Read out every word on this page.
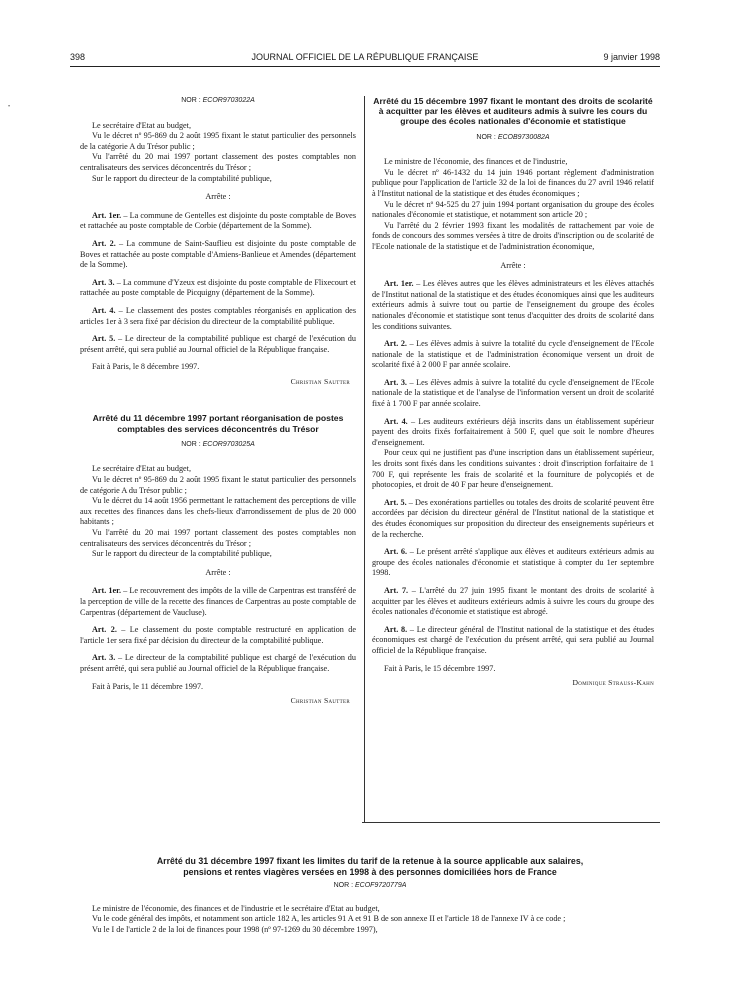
398	JOURNAL OFFICIEL DE LA RÉPUBLIQUE FRANÇAISE	9 janvier 1998
•
NOR : ECOR9703022A

Le secrétaire d'Etat au budget,

Vu le décret nº 95-869 du 2 août 1995 fixant le statut particulier des personnels de la catégorie A du Trésor public ;

Vu l'arrêté du 20 mai 1997 portant classement des postes comptables non centralisateurs des services déconcentrés du Trésor ;

Sur le rapport du directeur de la comptabilité publique,

Arrête :

Art. 1er. – La commune de Gentelles est disjointe du poste comptable de Boves et rattachée au poste comptable de Corbie (département de la Somme).

Art. 2. – La commune de Saint-Sauflieu est disjointe du poste comptable de Boves et rattachée au poste comptable d'Amiens-Banlieue et Amendes (département de la Somme).

Art. 3. – La commune d'Yzeux est disjointe du poste comptable de Flixecourt et rattachée au poste comptable de Picquigny (département de la Somme).

Art. 4. – Le classement des postes comptables réorganisés en application des articles 1er à 3 sera fixé par décision du directeur de la comptabilité publique.

Art. 5. – Le directeur de la comptabilité publique est chargé de l'exécution du présent arrêté, qui sera publié au Journal officiel de la République française.

Fait à Paris, le 8 décembre 1997.

Christian Sautter
Arrêté du 11 décembre 1997 portant réorganisation de postes comptables des services déconcentrés du Trésor
NOR : ECOR9703025A

Le secrétaire d'Etat au budget,

Vu le décret nº 95-869 du 2 août 1995 fixant le statut particulier des personnels de catégorie A du Trésor public ;

Vu le décret du 14 août 1956 permettant le rattachement des perceptions de ville aux recettes des finances dans les chefs-lieux d'arrondissement de plus de 20 000 habitants ;

Vu l'arrêté du 20 mai 1997 portant classement des postes comptables non centralisateurs des services déconcentrés du Trésor ;

Sur le rapport du directeur de la comptabilité publique,

Arrête :

Art. 1er. – Le recouvrement des impôts de la ville de Carpentras est transféré de la perception de ville de la recette des finances de Carpentras au poste comptable de Carpentras (département de Vaucluse).

Art. 2. – Le classement du poste comptable restructuré en application de l'article 1er sera fixé par décision du directeur de la comptabilité publique.

Art. 3. – Le directeur de la comptabilité publique est chargé de l'exécution du présent arrêté, qui sera publié au Journal officiel de la République française.

Fait à Paris, le 11 décembre 1997.

Christian Sautter
Arrêté du 15 décembre 1997 fixant le montant des droits de scolarité à acquitter par les élèves et auditeurs admis à suivre les cours du groupe des écoles nationales d'économie et statistique
NOR : ECOB9730082A

Le ministre de l'économie, des finances et de l'industrie,

Vu le décret nº 46-1432 du 14 juin 1946 portant règlement d'administration publique pour l'application de l'article 32 de la loi de finances du 27 avril 1946 relatif à l'Institut national de la statistique et des études économiques ;

Vu le décret nº 94-525 du 27 juin 1994 portant organisation du groupe des écoles nationales d'économie et statistique, et notamment son article 20 ;

Vu l'arrêté du 2 février 1993 fixant les modalités de rattachement par voie de fonds de concours des sommes versées à titre de droits d'inscription ou de scolarité de l'Ecole nationale de la statistique et de l'administration économique,

Arrête :

Art. 1er. – Les élèves autres que les élèves administrateurs et les élèves attachés de l'Institut national de la statistique et des études économiques ainsi que les auditeurs extérieurs admis à suivre tout ou partie de l'enseignement du groupe des écoles nationales d'économie et statistique sont tenus d'acquitter des droits de scolarité dans les conditions suivantes.

Art. 2. – Les élèves admis à suivre la totalité du cycle d'enseignement de l'Ecole nationale de la statistique et de l'administration économique versent un droit de scolarité fixé à 2 000 F par année scolaire.

Art. 3. – Les élèves admis à suivre la totalité du cycle d'enseignement de l'Ecole nationale de la statistique et de l'analyse de l'information versent un droit de scolarité fixé à 1 700 F par année scolaire.

Art. 4. – Les auditeurs extérieurs déjà inscrits dans un établissement supérieur payent des droits fixés forfaitairement à 500 F, quel que soit le nombre d'heures d'enseignement.

Pour ceux qui ne justifient pas d'une inscription dans un établissement supérieur, les droits sont fixés dans les conditions suivantes : droit d'inscription forfaitaire de 1 700 F, qui représente les frais de scolarité et la fourniture de polycopiés et de photocopies, et droit de 40 F par heure d'enseignement.

Art. 5. – Des exonérations partielles ou totales des droits de scolarité peuvent être accordées par décision du directeur général de l'Institut national de la statistique et des études économiques sur proposition du directeur des enseignements supérieurs et de la recherche.

Art. 6. – Le présent arrêté s'applique aux élèves et auditeurs extérieurs admis au groupe des écoles nationales d'économie et statistique à compter du 1er septembre 1998.

Art. 7. – L'arrêté du 27 juin 1995 fixant le montant des droits de scolarité à acquitter par les élèves et auditeurs extérieurs admis à suivre les cours du groupe des écoles nationales d'économie et statistique est abrogé.

Art. 8. – Le directeur général de l'Institut national de la statistique et des études économiques est chargé de l'exécution du présent arrêté, qui sera publié au Journal officiel de la République française.

Fait à Paris, le 15 décembre 1997.

Dominique Strauss-Kahn
Arrêté du 31 décembre 1997 fixant les limites du tarif de la retenue à la source applicable aux salaires,
pensions et rentes viagères versées en 1998 à des personnes domiciliées hors de France
NOR : ECOF9720779A

Le ministre de l'économie, des finances et de l'industrie et le secrétaire d'Etat au budget,

Vu le code général des impôts, et notamment son article 182 A, les articles 91 A et 91 B de son annexe II et l'article 18 de l'annexe IV à ce code ;

Vu le I de l'article 2 de la loi de finances pour 1998 (nº 97-1269 du 30 décembre 1997),
